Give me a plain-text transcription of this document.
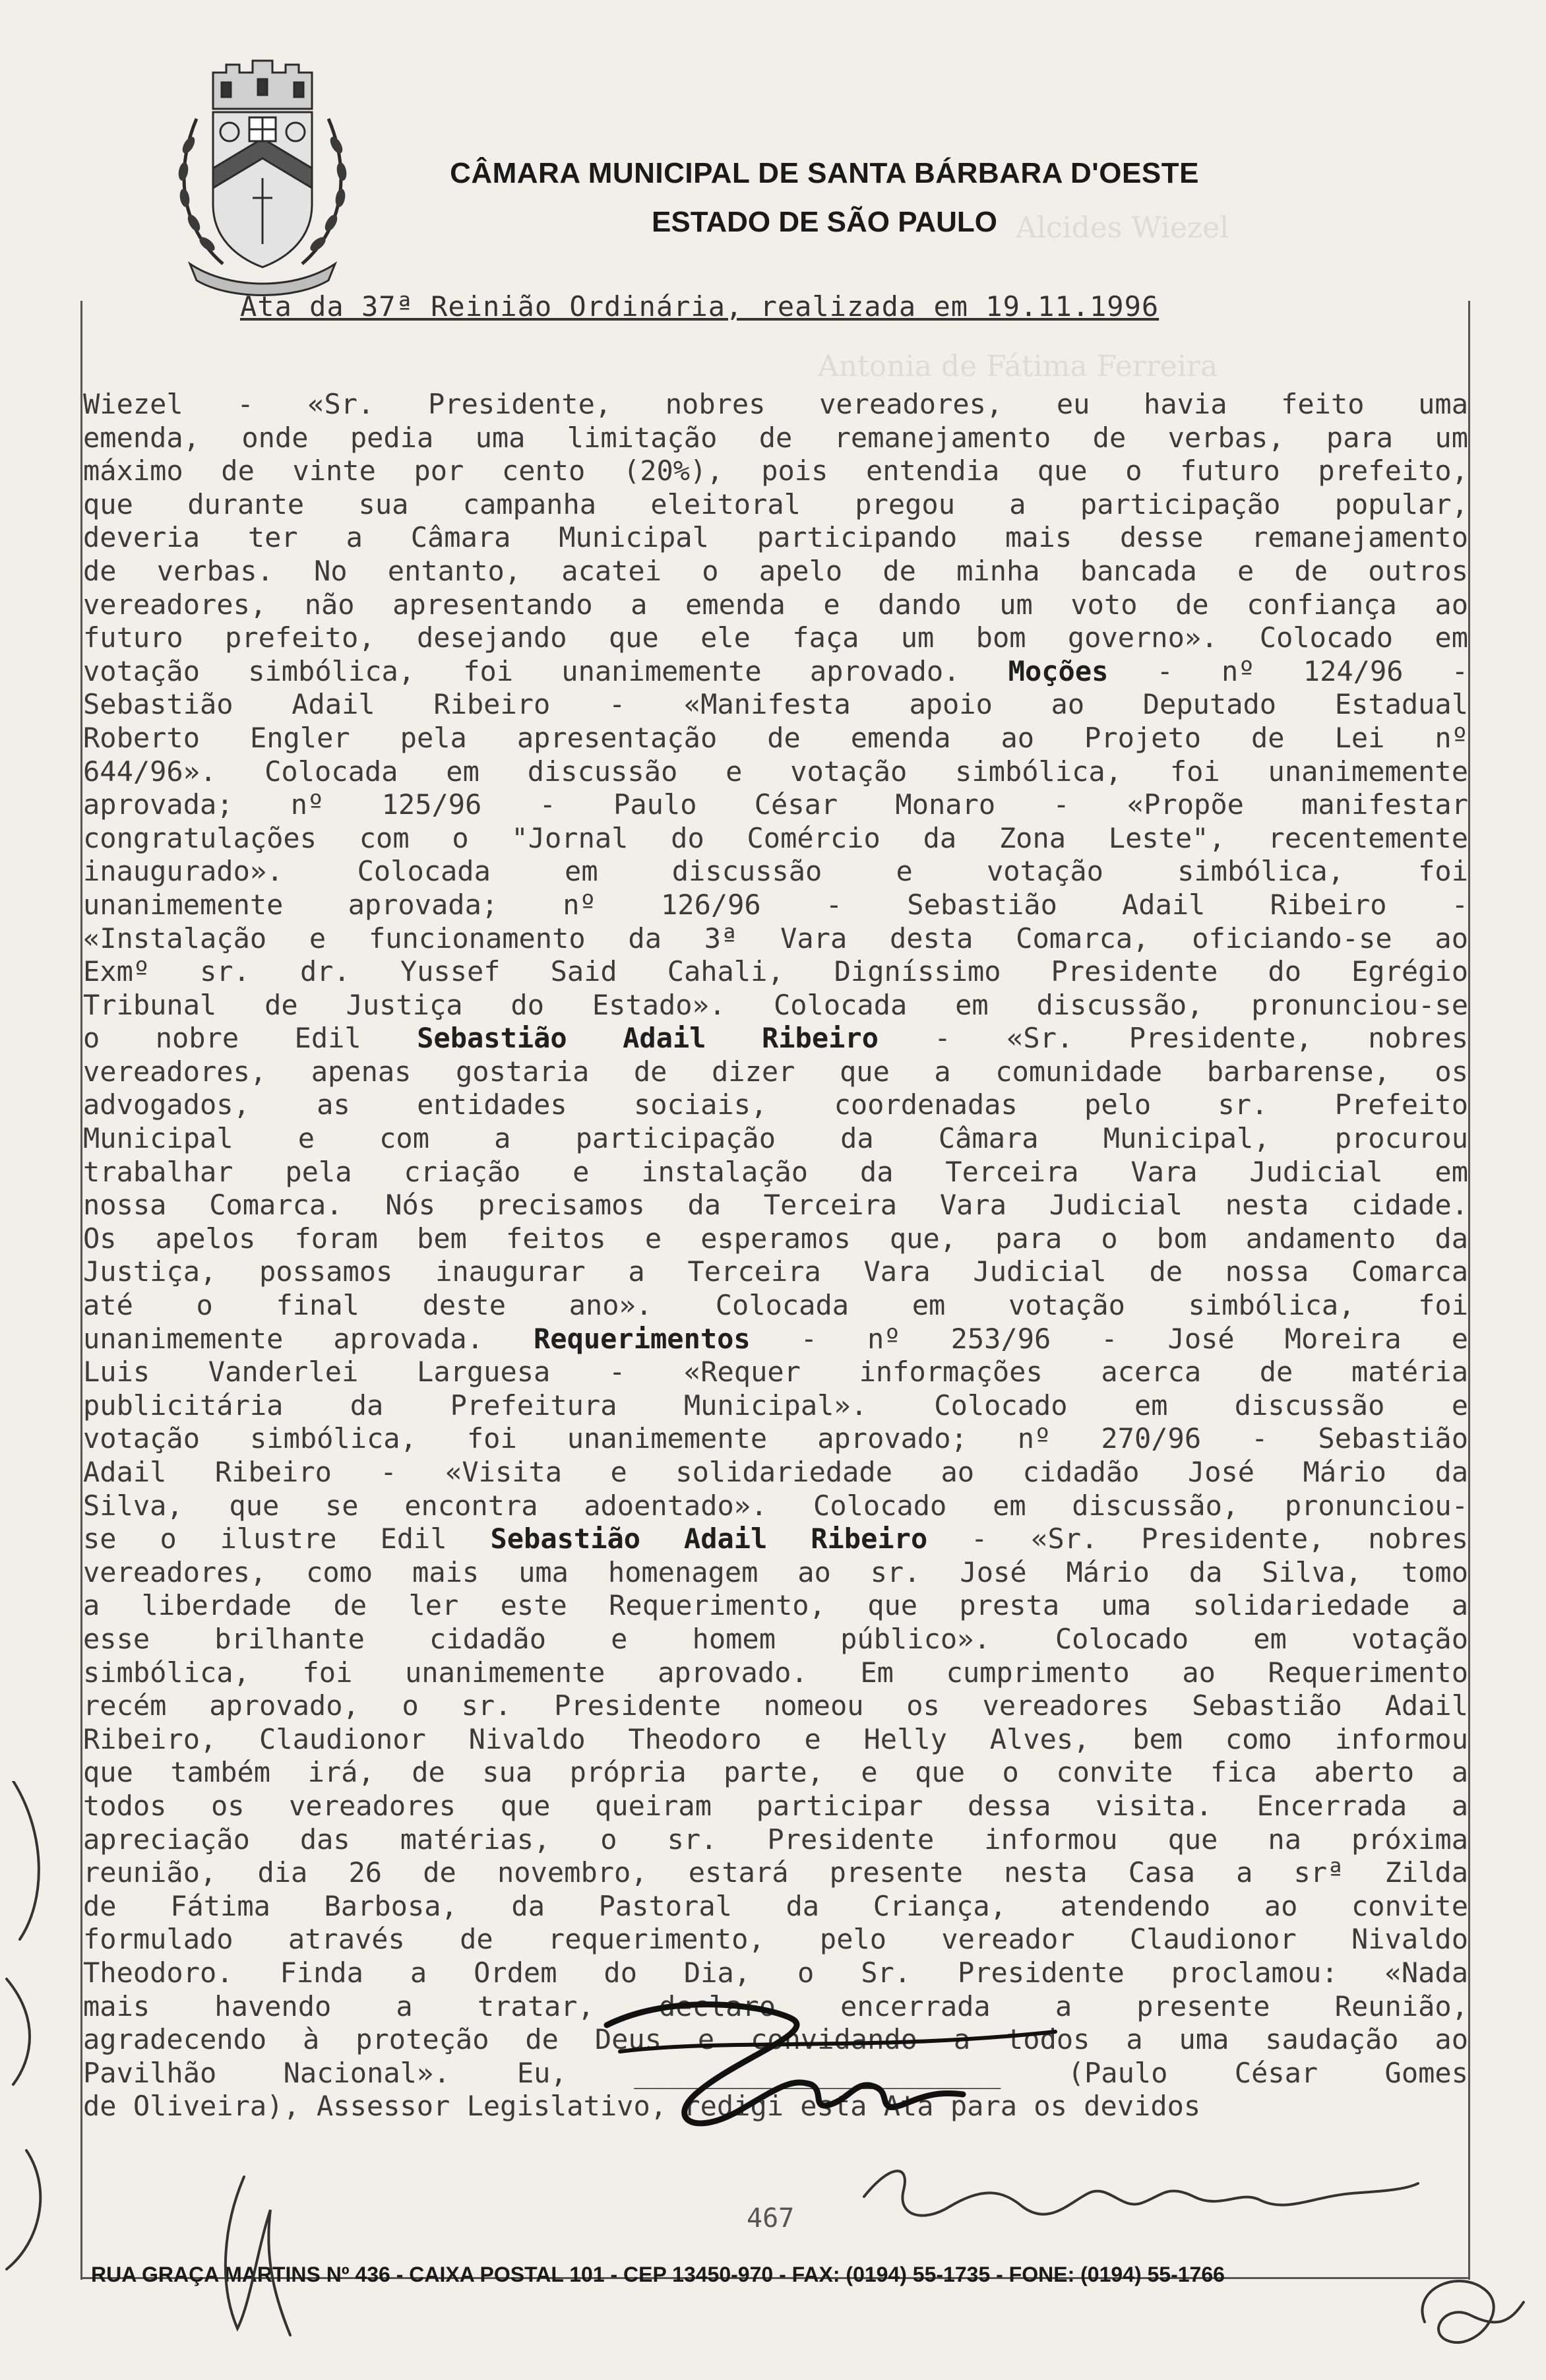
Alcides Wiezel
Antonia de Fátima Ferreira
CÂMARA MUNICIPAL DE SANTA BÁRBARA D'OESTE
ESTADO DE SÃO PAULO
Ata da 37ª Reinião Ordinária, realizada em 19.11.1996
Wiezel - «Sr. Presidente, nobres vereadores, eu havia feito uma
emenda, onde pedia uma limitação de remanejamento de verbas, para um
máximo de vinte por cento (20%), pois entendia que o futuro prefeito,
que durante sua campanha eleitoral pregou a participação popular,
deveria ter a Câmara Municipal participando mais desse remanejamento
de verbas. No entanto, acatei o apelo de minha bancada e de outros
vereadores, não apresentando a emenda e dando um voto de confiança ao
futuro prefeito, desejando que ele faça um bom governo». Colocado em
votação simbólica, foi unanimemente aprovado. Moções - nº 124/96 -
Sebastião Adail Ribeiro - «Manifesta apoio ao Deputado Estadual
Roberto Engler pela apresentação de emenda ao Projeto de Lei nº
644/96». Colocada em discussão e votação simbólica, foi unanimemente
aprovada; nº 125/96 - Paulo César Monaro - «Propõe manifestar
congratulações com o "Jornal do Comércio da Zona Leste", recentemente
inaugurado». Colocada em discussão e votação simbólica, foi
unanimemente aprovada; nº 126/96 - Sebastião Adail Ribeiro -
«Instalação e funcionamento da 3ª Vara desta Comarca, oficiando-se ao
Exmº sr. dr. Yussef Said Cahali, Digníssimo Presidente do Egrégio
Tribunal de Justiça do Estado». Colocada em discussão, pronunciou-se
o nobre Edil Sebastião Adail Ribeiro - «Sr. Presidente, nobres
vereadores, apenas gostaria de dizer que a comunidade barbarense, os
advogados, as entidades sociais, coordenadas pelo sr. Prefeito
Municipal e com a participação da Câmara Municipal, procurou
trabalhar pela criação e instalação da Terceira Vara Judicial em
nossa Comarca. Nós precisamos da Terceira Vara Judicial nesta cidade.
Os apelos foram bem feitos e esperamos que, para o bom andamento da
Justiça, possamos inaugurar a Terceira Vara Judicial de nossa Comarca
até o final deste ano». Colocada em votação simbólica, foi
unanimemente aprovada. Requerimentos - nº 253/96 - José Moreira e
Luis Vanderlei Larguesa - «Requer informações acerca de matéria
publicitária da Prefeitura Municipal». Colocado em discussão e
votação simbólica, foi unanimemente aprovado; nº 270/96 - Sebastião
Adail Ribeiro - «Visita e solidariedade ao cidadão José Mário da
Silva, que se encontra adoentado». Colocado em discussão, pronunciou-
se o ilustre Edil Sebastião Adail Ribeiro - «Sr. Presidente, nobres
vereadores, como mais uma homenagem ao sr. José Mário da Silva, tomo
a liberdade de ler este Requerimento, que presta uma solidariedade a
esse brilhante cidadão e homem público». Colocado em votação
simbólica, foi unanimemente aprovado. Em cumprimento ao Requerimento
recém aprovado, o sr. Presidente nomeou os vereadores Sebastião Adail
Ribeiro, Claudionor Nivaldo Theodoro e Helly Alves, bem como informou
que também irá, de sua própria parte, e que o convite fica aberto a
todos os vereadores que queiram participar dessa visita. Encerrada a
apreciação das matérias, o sr. Presidente informou que na próxima
reunião, dia 26 de novembro, estará presente nesta Casa a srª Zilda
de Fátima Barbosa, da Pastoral da Criança, atendendo ao convite
formulado através de requerimento, pelo vereador Claudionor Nivaldo
Theodoro. Finda a Ordem do Dia, o Sr. Presidente proclamou: «Nada
mais havendo a tratar, declaro encerrada a presente Reunião,
agradecendo à proteção de Deus e convidando a todos a uma saudação ao
Pavilhão Nacional». Eu, ______________________ (Paulo César Gomes
de Oliveira), Assessor Legislativo, redigi esta Ata para os devidos
467
RUA GRAÇA MARTINS Nº 436 - CAIXA POSTAL 101 - CEP 13450-970 - FAX: (0194) 55-1735 - FONE: (0194) 55-1766
